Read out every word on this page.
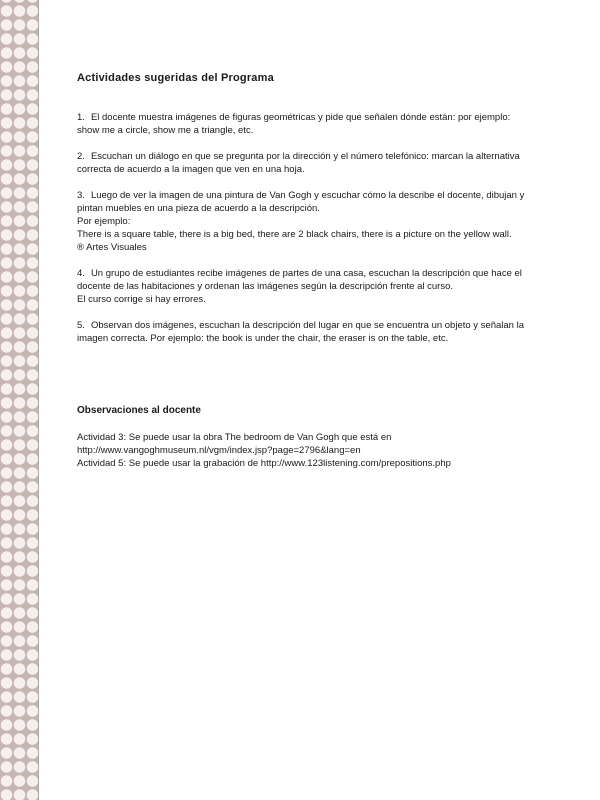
Actividades sugeridas del Programa

1. El docente muestra imágenes de figuras geométricas y pide que señalen dónde están: por ejemplo:

show me a circle, show me a triangle, etc.

2. Escuchan un diálogo en que se pregunta por la dirección y el número telefónico: marcan la alternativa correcta de acuerdo a la imagen que ven en una hoja.

3. Luego de ver la imagen de una pintura de Van Gogh y escuchar cómo la describe el docente, dibujan y pintan muebles en una pieza de acuerdo a la descripción.

Por ejemplo:

There is a square table, there is a big bed, there are 2 black chairs, there is a picture on the yellow wall.

® Artes Visuales

4. Un grupo de estudiantes recibe imágenes de partes de una casa, escuchan la descripción que hace el docente de las habitaciones y ordenan las imágenes según la descripción frente al curso.

El curso corrige si hay errores.

5. Observan dos imágenes, escuchan la descripción del lugar en que se encuentra un objeto y señalan la imagen correcta. Por ejemplo: the book is under the chair, the eraser is on the table, etc.

Observaciones al docente

Actividad 3: Se puede usar la obra The bedroom de Van Gogh que está en

http://www.vangoghmuseum.nl/vgm/index.jsp?page=2796&lang=en

Actividad 5: Se puede usar la grabación de http://www.123listening.com/prepositions.php
